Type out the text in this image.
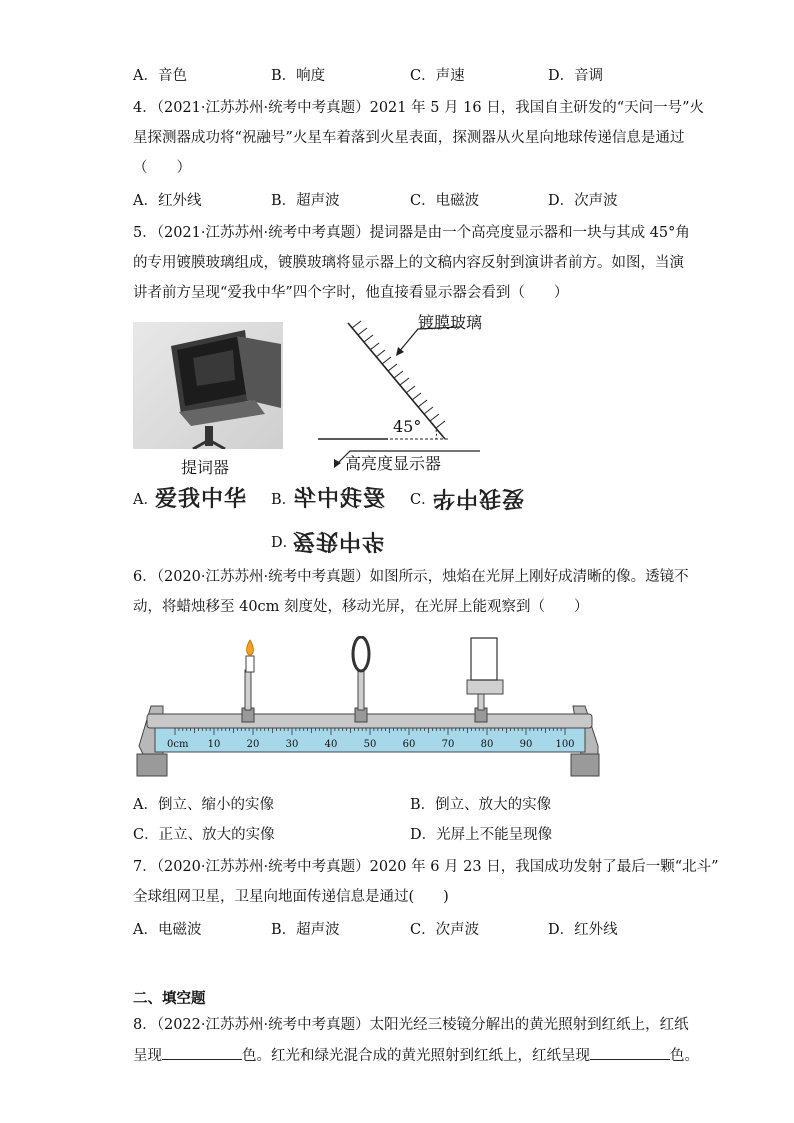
A．音色	B．响度	C．声速	D．音调
4．（2021·江苏苏州·统考中考真题）2021 年 5 月 16 日，我国自主研发的“天问一号”火
星探测器成功将“祝融号”火星车着落到火星表面，探测器从火星向地球传递信息是通过
（　　）
A．红外线	B．超声波	C．电磁波	D．次声波
5．（2021·江苏苏州·统考中考真题）提词器是由一个高亮度显示器和一块与其成 45°角
的专用镀膜玻璃组成，镀膜玻璃将显示器上的文稿内容反射到演讲者前方。如图，当演
讲者前方呈现“爱我中华”四个字时，他直接看显示器会看到（　　）
提词器
镀膜玻璃
45°
高亮度显示器
A．
爱我中华 B．
爱我中华 C．
爱我中华
D．
爱我中华
6．（2020·江苏苏州·统考中考真题）如图所示，烛焰在光屏上刚好成清晰的像。透镜不
动，将蜡烛移至 40cm 刻度处，移动光屏，在光屏上能观察到（　　）
0cm 10	20	30	40	50	60	70	80	90 100
A．倒立、缩小的实像	B．倒立、放大的实像
C．正立、放大的实像	D．光屏上不能呈现像
7．（2020·江苏苏州·统考中考真题）2020 年 6 月 23 日，我国成功发射了最后一颗“北斗”
全球组网卫星，卫星向地面传递信息是通过(　　)
A．电磁波	B．超声波	C．次声波	D．红外线
二、填空题
8．（2022·江苏苏州·统考中考真题）太阳光经三棱镜分解出的黄光照射到红纸上，红纸
呈现	色。红光和绿光混合成的黄光照射到红纸上，红纸呈现	色。
